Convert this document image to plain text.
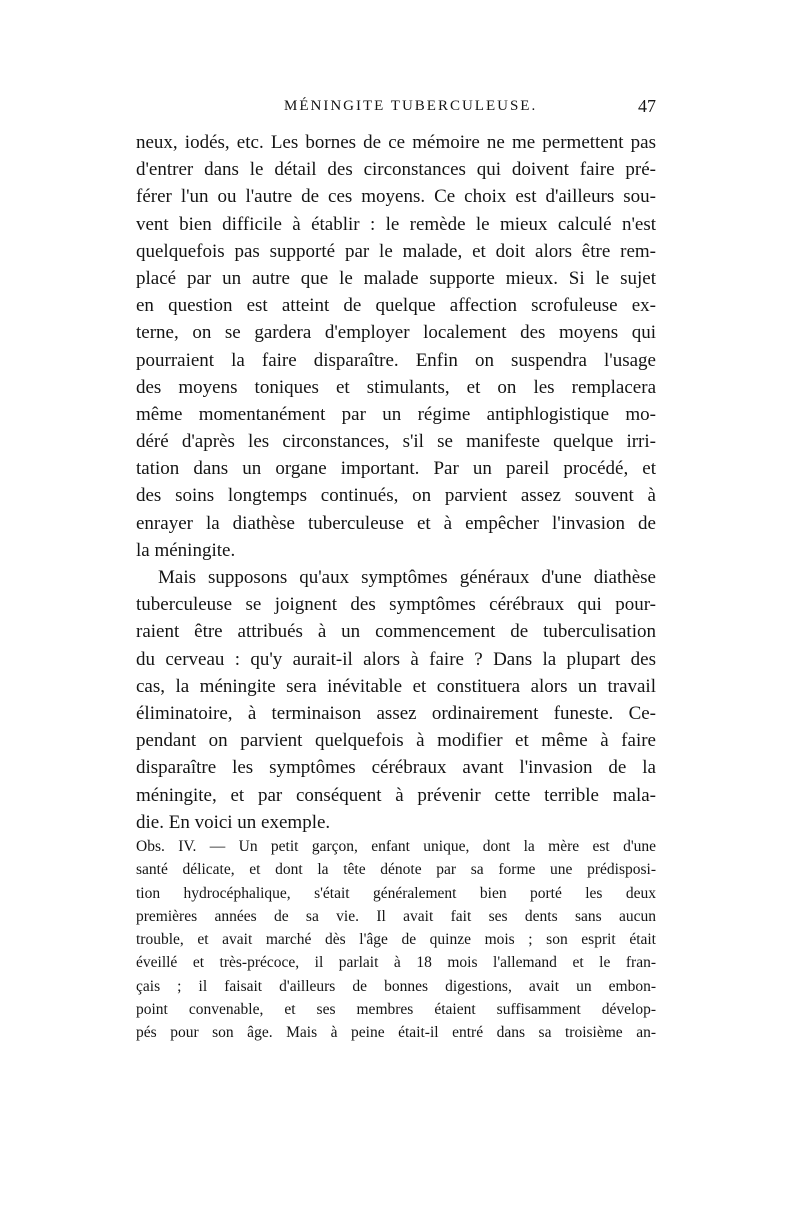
MÉNINGITE TUBERCULEUSE.	47
neux, iodés, etc. Les bornes de ce mémoire ne me permettent pas
d'entrer dans le détail des circonstances qui doivent faire pré-
férer l'un ou l'autre de ces moyens. Ce choix est d'ailleurs sou-
vent bien difficile à établir : le remède le mieux calculé n'est
quelquefois pas supporté par le malade, et doit alors être rem-
placé par un autre que le malade supporte mieux. Si le sujet
en question est atteint de quelque affection scrofuleuse ex-
terne, on se gardera d'employer localement des moyens qui
pourraient la faire disparaître. Enfin on suspendra l'usage
des moyens toniques et stimulants, et on les remplacera
même momentanément par un régime antiphlogistique mo-
déré d'après les circonstances, s'il se manifeste quelque irri-
tation dans un organe important. Par un pareil procédé, et
des soins longtemps continués, on parvient assez souvent à
enrayer la diathèse tuberculeuse et à empêcher l'invasion de
la méningite.
Mais supposons qu'aux symptômes généraux d'une diathèse
tuberculeuse se joignent des symptômes cérébraux qui pour-
raient être attribués à un commencement de tuberculisation
du cerveau : qu'y aurait-il alors à faire ? Dans la plupart des
cas, la méningite sera inévitable et constituera alors un travail
éliminatoire, à terminaison assez ordinairement funeste. Ce-
pendant on parvient quelquefois à modifier et même à faire
disparaître les symptômes cérébraux avant l'invasion de la
méningite, et par conséquent à prévenir cette terrible mala-
die. En voici un exemple.
Obs. IV. — Un petit garçon, enfant unique, dont la mère est d'une
santé délicate, et dont la tête dénote par sa forme une prédisposi-
tion hydrocéphalique, s'était généralement bien porté les deux
premières années de sa vie. Il avait fait ses dents sans aucun
trouble, et avait marché dès l'âge de quinze mois ; son esprit était
éveillé et très-précoce, il parlait à 18 mois l'allemand et le fran-
çais ; il faisait d'ailleurs de bonnes digestions, avait un embon-
point convenable, et ses membres étaient suffisamment dévelop-
pés pour son âge. Mais à peine était-il entré dans sa troisième an-
